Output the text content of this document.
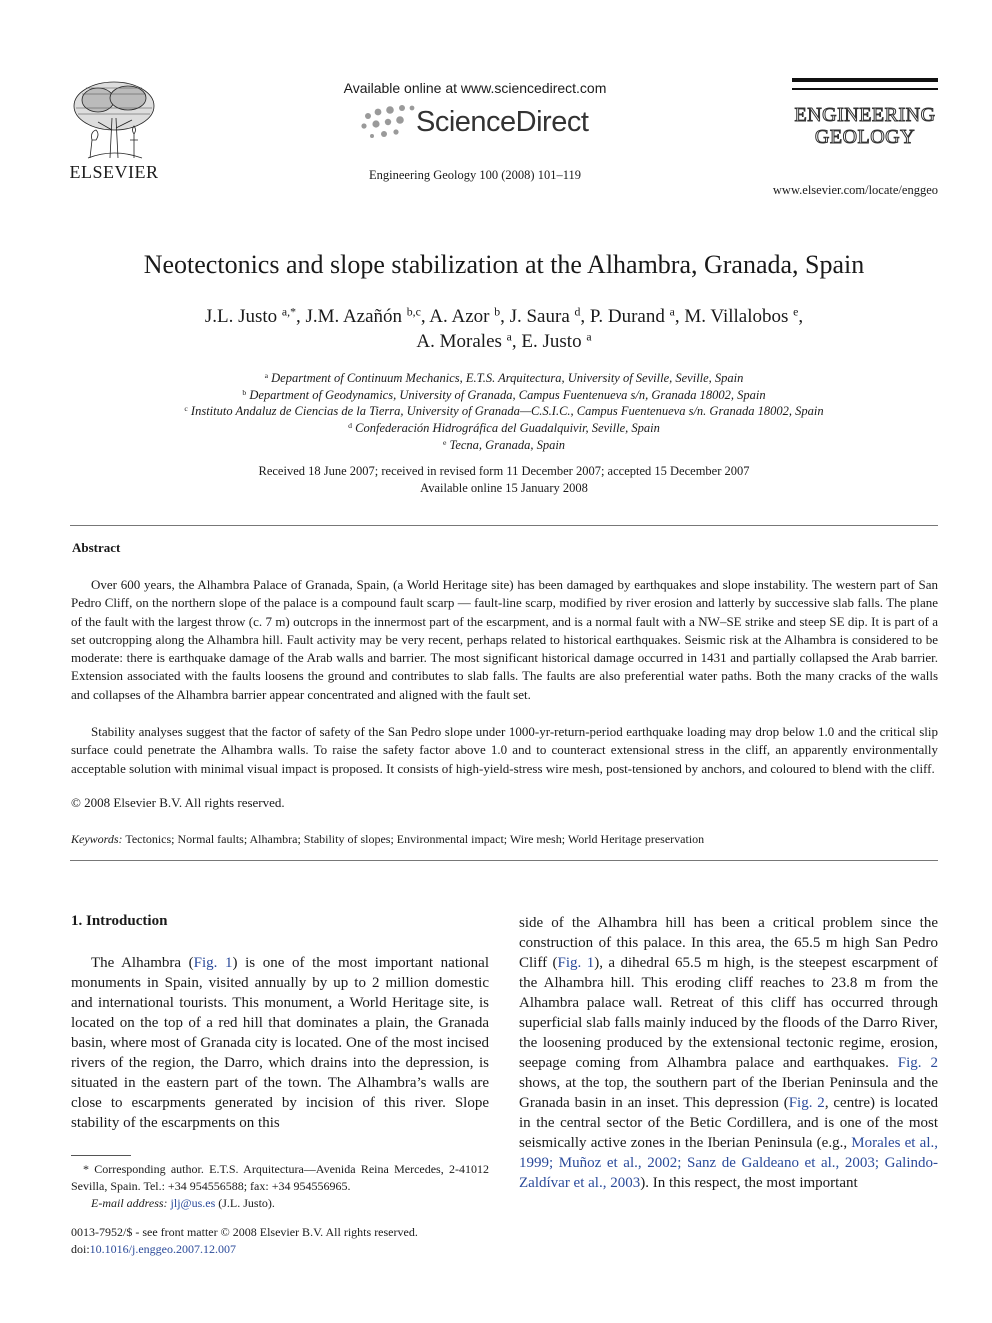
ELSEVIER
Available online at www.sciencedirect.com
ScienceDirect
Engineering Geology 100 (2008) 101–119
ENGINEERING
GEOLOGY
www.elsevier.com/locate/enggeo
Neotectonics and slope stabilization at the Alhambra, Granada, Spain
J.L. Justo $^{a,*}$, J.M. Azañón $^{b,c}$, A. Azor $^b$, J. Saura $^d$, P. Durand $^a$, M. Villalobos $^e$,
A. Morales $^a$, E. Justo $^a$
$^a$ Department of Continuum Mechanics, E.T.S. Arquitectura, University of Seville, Seville, Spain
$^b$ Department of Geodynamics, University of Granada, Campus Fuentenueva s/n, Granada 18002, Spain
$^c$ Instituto Andaluz de Ciencias de la Tierra, University of Granada—C.S.I.C., Campus Fuentenueva s/n. Granada 18002, Spain
$^d$ Confederación Hidrográfica del Guadalquivir, Seville, Spain
$^e$ Tecna, Granada, Spain
Received 18 June 2007; received in revised form 11 December 2007; accepted 15 December 2007
Available online 15 January 2008
Abstract

Over 600 years, the Alhambra Palace of Granada, Spain, (a World Heritage site) has been damaged by earthquakes and slope instability. The western part of San Pedro Cliff, on the northern slope of the palace is a compound fault scarp — fault-line scarp, modified by river erosion and latterly by successive slab falls. The plane of the fault with the largest throw (c. 7 m) outcrops in the innermost part of the escarpment, and is a normal fault with a NW–SE strike and steep SE dip. It is part of a set outcropping along the Alhambra hill. Fault activity may be very recent, perhaps related to historical earthquakes. Seismic risk at the Alhambra is considered to be moderate: there is earthquake damage of the Arab walls and barrier. The most significant historical damage occurred in 1431 and partially collapsed the Arab barrier. Extension associated with the faults loosens the ground and contributes to slab falls. The faults are also preferential water paths. Both the many cracks of the walls and collapses of the Alhambra barrier appear concentrated and aligned with the fault set.

Stability analyses suggest that the factor of safety of the San Pedro slope under 1000-yr-return-period earthquake loading may drop below 1.0 and the critical slip surface could penetrate the Alhambra walls. To raise the safety factor above 1.0 and to counteract extensional stress in the cliff, an apparently environmentally acceptable solution with minimal visual impact is proposed. It consists of high-yield-stress wire mesh, post-tensioned by anchors, and coloured to blend with the cliff.

© 2008 Elsevier B.V. All rights reserved.
Keywords: Tectonics; Normal faults; Alhambra; Stability of slopes; Environmental impact; Wire mesh; World Heritage preservation
1. Introduction

The Alhambra (Fig. 1) is one of the most important national monuments in Spain, visited annually by up to 2 million domestic and international tourists. This monument, a World Heritage site, is located on the top of a red hill that dominates a plain, the Granada basin, where most of Granada city is located. One of the most incised rivers of the region, the Darro, which drains into the depression, is situated in the eastern part of the town. The Alhambra’s walls are close to escarpments generated by incision of this river. Slope stability of the escarpments on this

side of the Alhambra hill has been a critical problem since the construction of this palace. In this area, the 65.5 m high San Pedro Cliff (Fig. 1), a dihedral 65.5 m high, is the steepest escarpment of the Alhambra hill. This eroding cliff reaches to 23.8 m from the Alhambra palace wall. Retreat of this cliff has occurred through superficial slab falls mainly induced by the floods of the Darro River, the loosening produced by the extensional tectonic regime, erosion, seepage coming from Alhambra palace and earthquakes. Fig. 2 shows, at the top, the southern part of the Iberian Peninsula and the Granada basin in an inset. This depression (Fig. 2, centre) is located in the central sector of the Betic Cordillera, and is one of the most seismically active zones in the Iberian Peninsula (e.g., Morales et al., 1999; Muñoz et al., 2002; Sanz de Galdeano et al., 2003; Galindo-Zaldívar et al., 2003). In this respect, the most important

* Corresponding author. E.T.S. Arquitectura—Avenida Reina Mercedes, 2-41012 Sevilla, Spain. Tel.: +34 954556588; fax: +34 954556965.
E-mail address: jlj@us.es (J.L. Justo).
0013-7952/$ - see front matter © 2008 Elsevier B.V. All rights reserved.
doi:10.1016/j.enggeo.2007.12.007
